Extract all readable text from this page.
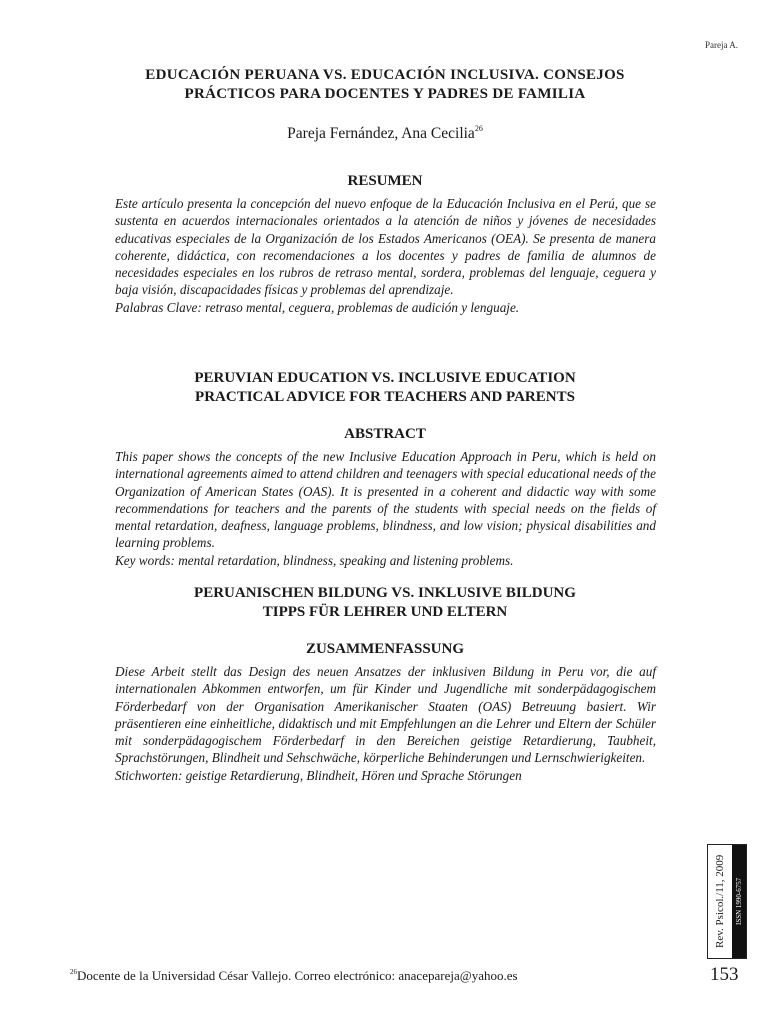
Pareja A.
EDUCACIÓN PERUANA VS. EDUCACIÓN INCLUSIVA. CONSEJOS
PRÁCTICOS PARA DOCENTES Y PADRES DE FAMILIA
Pareja Fernández, Ana Cecilia$^{26}$
RESUMEN

Este artículo presenta la concepción del nuevo enfoque de la Educación Inclusiva en el Perú, que se sustenta en acuerdos internacionales orientados a la atención de niños y jóvenes de necesidades educativas especiales de la Organización de los Estados Americanos (OEA). Se presenta de manera coherente, didáctica, con recomendaciones a los docentes y padres de familia de alumnos de necesidades especiales en los rubros de retraso mental, sordera, problemas del lenguaje, ceguera y baja visión, discapacidades físicas y problemas del aprendizaje.

Palabras Clave: retraso mental, ceguera, problemas de audición y lenguaje.

PERUVIAN EDUCATION VS. INCLUSIVE EDUCATION
PRACTICAL ADVICE FOR TEACHERS AND PARENTS
ABSTRACT

This paper shows the concepts of the new Inclusive Education Approach in Peru, which is held on international agreements aimed to attend children and teenagers with special educational needs of the Organization of American States (OAS). It is presented in a coherent and didactic way with some recommendations for teachers and the parents of the students with special needs on the fields of mental retardation, deafness, language problems, blindness, and low vision; physical disabilities and learning problems.

Key words: mental retardation, blindness, speaking and listening problems.

PERUANISCHEN BILDUNG VS. INKLUSIVE BILDUNG
TIPPS FÜR LEHRER UND ELTERN
ZUSAMMENFASSUNG

Diese Arbeit stellt das Design des neuen Ansatzes der inklusiven Bildung in Peru vor, die auf internationalen Abkommen entworfen, um für Kinder und Jugendliche mit sonderpädagogischem Förderbedarf von der Organisation Amerikanischer Staaten (OAS) Betreuung basiert. Wir präsentieren eine einheitliche, didaktisch und mit Empfehlungen an die Lehrer und Eltern der Schüler mit sonderpädagogischem Förderbedarf in den Bereichen geistige Retardierung, Taubheit, Sprachstörungen, Blindheit und Sehschwäche, körperliche Behinderungen und Lernschwierigkeiten.

Stichworten: geistige Retardierung, Blindheit, Hören und Sprache Störungen

Rev. Psicol./11, 2009	ISSN 1990-6757
153
$^{26}$Docente de la Universidad César Vallejo. Correo electrónico: anacepareja@yahoo.es
